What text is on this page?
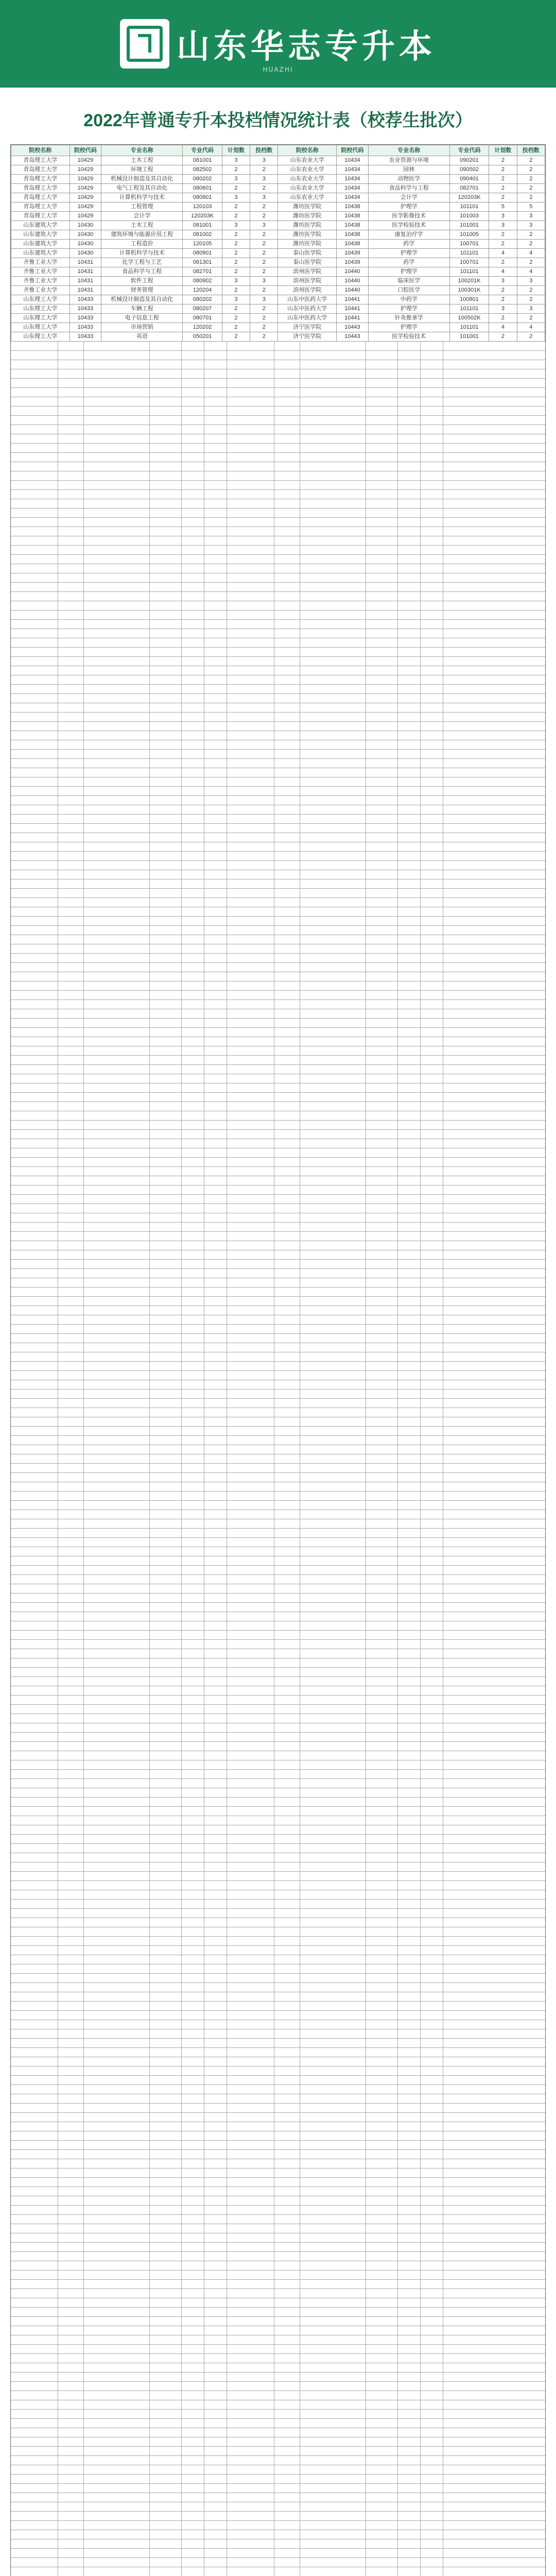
山东华志专升本
HUAZHI
2022年普通专升本投档情况统计表（校荐生批次）
院校名称	院校代码	专业名称	专业代码	计划数	投档数	院校名称	院校代码	专业名称	专业代码	计划数	投档数
青岛理工大学	10429	土木工程	081001	3	3	山东农业大学	10434	农业资源与环境	090201	2	2
青岛理工大学	10429	环境工程	082502	2	2	山东农业大学	10434	园林	090502	2	2
青岛理工大学	10429	机械设计制造及其自动化	080202	3	3	山东农业大学	10434	动物医学	090401	2	2
青岛理工大学	10429	电气工程及其自动化	080601	2	2	山东农业大学	10434	食品科学与工程	082701	2	2
青岛理工大学	10429	计算机科学与技术	080901	3	3	山东农业大学	10434	会计学	120203K	2	2
青岛理工大学	10429	工程管理	120103	2	2	潍坊医学院	10438	护理学	101101	5	5
青岛理工大学	10429	会计学	120203K	2	2	潍坊医学院	10438	医学影像技术	101003	3	3
山东建筑大学	10430	土木工程	081001	3	3	潍坊医学院	10438	医学检验技术	101001	3	3
山东建筑大学	10430	建筑环境与能源应用工程	081002	2	2	潍坊医学院	10438	康复治疗学	101005	2	2
山东建筑大学	10430	工程造价	120105	2	2	潍坊医学院	10438	药学	100701	2	2
山东建筑大学	10430	计算机科学与技术	080901	2	2	泰山医学院	10439	护理学	101101	4	4
齐鲁工业大学	10431	化学工程与工艺	081301	2	2	泰山医学院	10439	药学	100701	2	2
齐鲁工业大学	10431	食品科学与工程	082701	2	2	滨州医学院	10440	护理学	101101	4	4
齐鲁工业大学	10431	软件工程	080902	3	3	滨州医学院	10440	临床医学	100201K	3	3
齐鲁工业大学	10431	财务管理	120204	2	2	滨州医学院	10440	口腔医学	100301K	2	2
山东理工大学	10433	机械设计制造及其自动化	080202	3	3	山东中医药大学	10441	中药学	100801	2	2
山东理工大学	10433	车辆工程	080207	2	2	山东中医药大学	10441	护理学	101101	3	3
山东理工大学	10433	电子信息工程	080701	2	2	山东中医药大学	10441	针灸推拿学	100502K	2	2
山东理工大学	10433	市场营销	120202	2	2	济宁医学院	10443	护理学	101101	4	4
山东理工大学	10433	英语	050201	2	2	济宁医学院	10443	医学检验技术	101001	2	2
